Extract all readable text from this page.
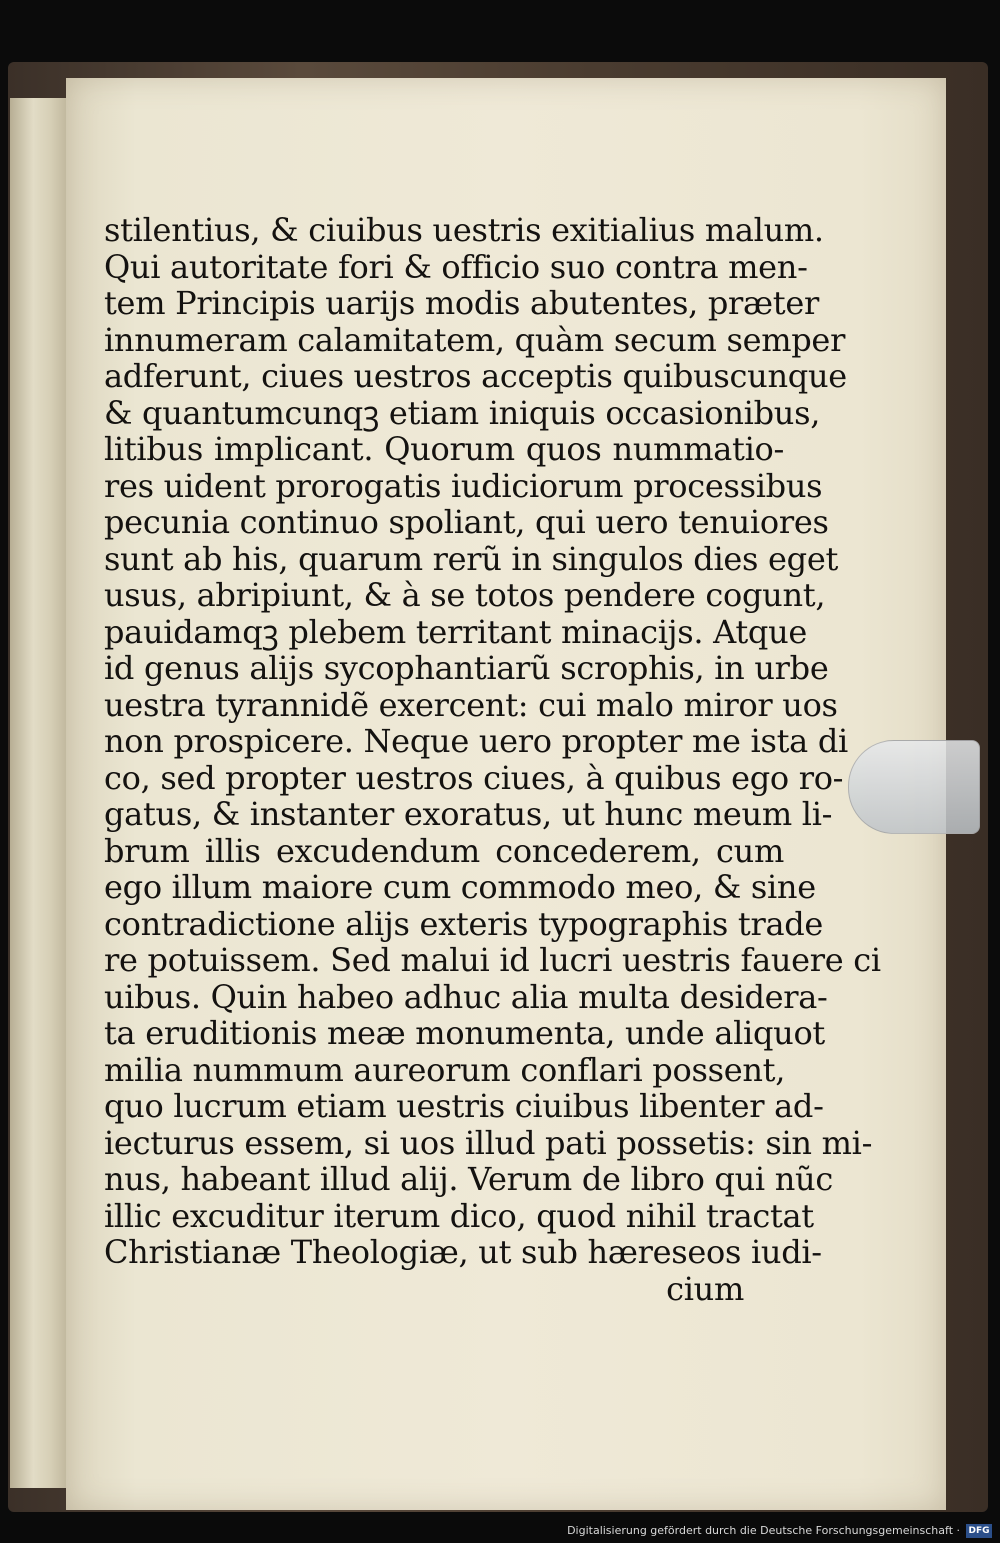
stilentius, & ciuibus uestris exitialius malum.
Qui autoritate fori & officio suo contra men-
tem Principis uarijs modis abutentes, præter
innumeram calamitatem, quàm secum semper
adferunt, ciues uestros acceptis quibuscunque
& quantumcunqꝫ etiam iniquis occasionibus,
litibus implicant. Quorum quos nummatio-
res uident prorogatis iudiciorum processibus
pecunia continuo spoliant, qui uero tenuiores
sunt ab his, quarum rerũ in singulos dies eget
usus, abripiunt, & à se totos pendere cogunt,
pauidamqꝫ plebem territant minacijs. Atque
id genus alijs sycophantiarũ scrophis, in urbe
uestra tyrannidẽ exercent: cui malo miror uos
non prospicere. Neque uero propter me ista di
co, sed propter uestros ciues, à quibus ego ro-
gatus, & instanter exoratus, ut hunc meum li-
brum illis excudendum concederem, cum
ego illum maiore cum commodo meo, & sine
contradictione alijs exteris typographis trade
re potuissem. Sed malui id lucri uestris fauere ci
uibus. Quin habeo adhuc alia multa desidera-
ta eruditionis meæ monumenta, unde aliquot
milia nummum aureorum conflari possent,
quo lucrum etiam uestris ciuibus libenter ad-
iecturus essem, si uos illud pati possetis: sin mi-
nus, habeant illud alij. Verum de libro qui nũc
illic excuditur iterum dico, quod nihil tractat
Christianæ Theologiæ, ut sub hæreseos iudi-
cium
Digitalisierung gefördert durch die Deutsche Forschungsgemeinschaft · DFG
